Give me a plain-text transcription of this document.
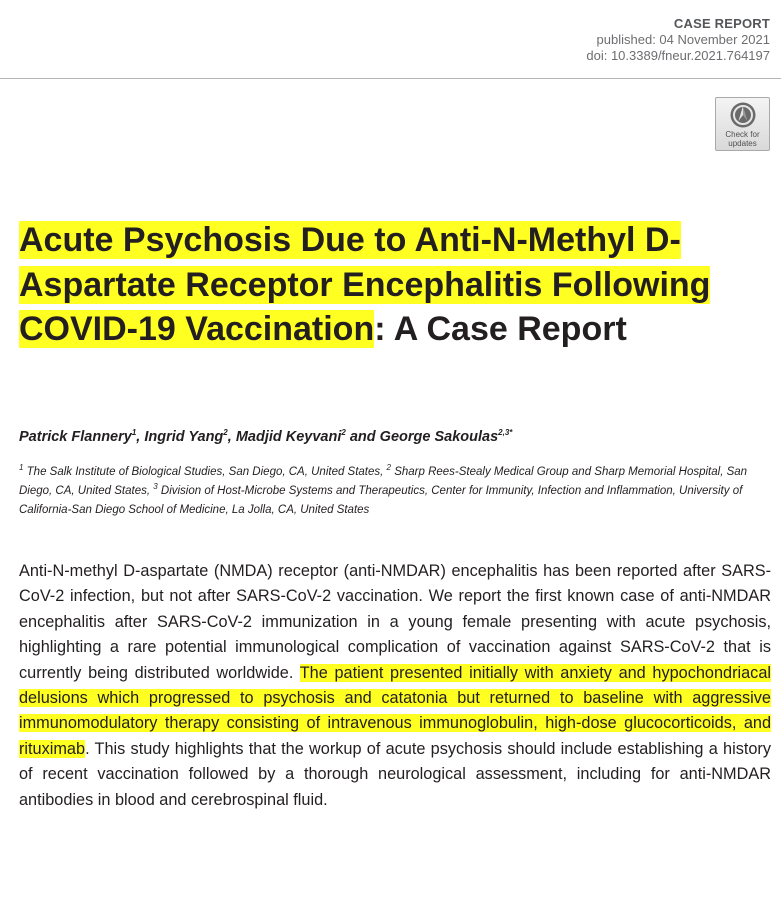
CASE REPORT
published: 04 November 2021
doi: 10.3389/fneur.2021.764197
Check for
updates
Acute Psychosis Due to Anti-N-Methyl D-Aspartate Receptor Encephalitis Following COVID-19 Vaccination: A Case Report

Patrick Flannery$^1$, Ingrid Yang$^2$, Madjid Keyvani$^2$ and George Sakoulas$^{2,3*}$

$^1$ The Salk Institute of Biological Studies, San Diego, CA, United States, $^2$ Sharp Rees-Stealy Medical Group and Sharp Memorial Hospital, San Diego, CA, United States, $^3$ Division of Host-Microbe Systems and Therapeutics, Center for Immunity, Infection and Inflammation, University of California-San Diego School of Medicine, La Jolla, CA, United States

Anti-N-methyl D-aspartate (NMDA) receptor (anti-NMDAR) encephalitis has been reported after SARS-CoV-2 infection, but not after SARS-CoV-2 vaccination. We report the first known case of anti-NMDAR encephalitis after SARS-CoV-2 immunization in a young female presenting with acute psychosis, highlighting a rare potential immunological complication of vaccination against SARS-CoV-2 that is currently being distributed worldwide. The patient presented initially with anxiety and hypochondriacal delusions which progressed to psychosis and catatonia but returned to baseline with aggressive immunomodulatory therapy consisting of intravenous immunoglobulin, high-dose glucocorticoids, and rituximab. This study highlights that the workup of acute psychosis should include establishing a history of recent vaccination followed by a thorough neurological assessment, including for anti-NMDAR antibodies in blood and cerebrospinal fluid.
